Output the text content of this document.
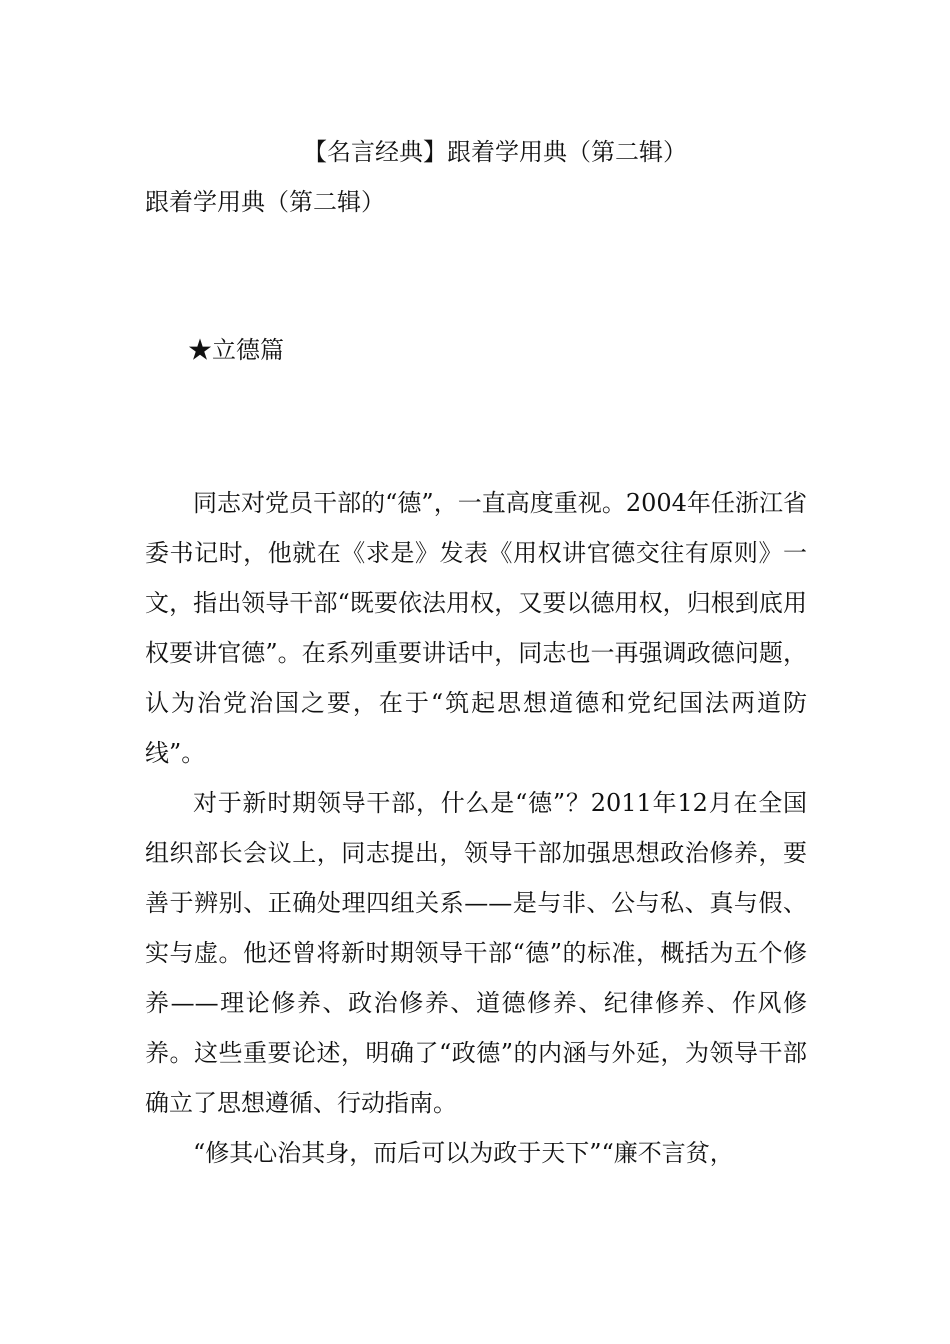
【名言经典】跟着学用典（第二辑）
跟着学用典（第二辑）
★立德篇

同志对党员干部的“德”，一直高度重视。2004年任浙江省委书记时，他就在《求是》发表《用权讲官德交往有原则》一文，指出领导干部“既要依法用权，又要以德用权，归根到底用权要讲官德”。在系列重要讲话中，同志也一再强调政德问题，认为治党治国之要，在于“筑起思想道德和党纪国法两道防线”。

对于新时期领导干部，什么是“德”？2011年12月在全国组织部长会议上，同志提出，领导干部加强思想政治修养，要善于辨别、正确处理四组关系——是与非、公与私、真与假、实与虚。他还曾将新时期领导干部“德”的标准，概括为五个修养——理论修养、政治修养、道德修养、纪律修养、作风修养。这些重要论述，明确了“政德”的内涵与外延，为领导干部确立了思想遵循、行动指南。

“修其心治其身，而后可以为政于天下”“廉不言贫，
